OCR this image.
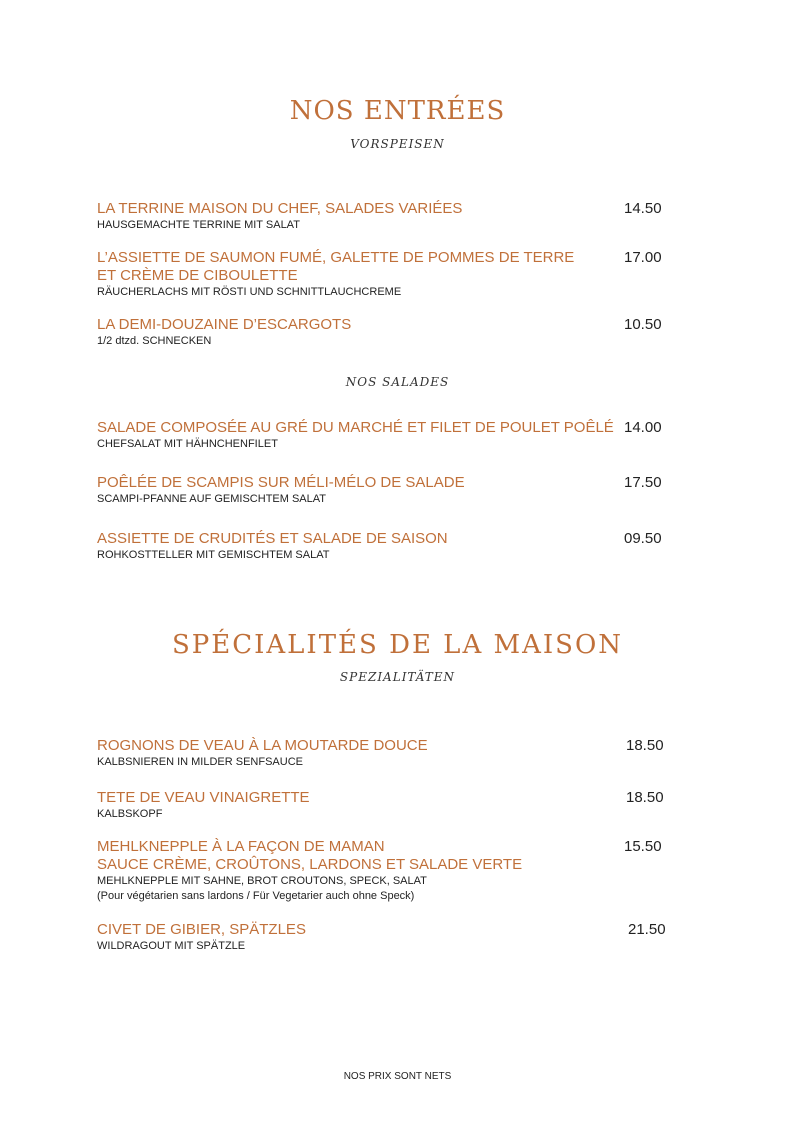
NOS ENTRÉES
VORSPEISEN

LA TERRINE MAISON DU CHEF, SALADES VARIÉES

HAUSGEMACHTE TERRINE MIT SALAT

14.50

L’ASSIETTE DE SAUMON FUMÉ, GALETTE DE POMMES DE TERRE

ET CRÈME DE CIBOULETTE

RÄUCHERLACHS MIT RÖSTI UND SCHNITTLAUCHCREME

17.00

LA DEMI-DOUZAINE D’ESCARGOTS

1/2 dtzd. SCHNECKEN

10.50
NOS SALADES

SALADE COMPOSÉE AU GRÉ DU MARCHÉ ET FILET DE POULET POÊLÉ

CHEFSALAT MIT HÄHNCHENFILET

14.00

POÊLÉE DE SCAMPIS SUR MÉLI-MÉLO DE SALADE

SCAMPI-PFANNE AUF GEMISCHTEM SALAT

17.50

ASSIETTE DE CRUDITÉS ET SALADE DE SAISON

ROHKOSTTELLER MIT GEMISCHTEM SALAT

09.50
SPÉCIALITÉS DE LA MAISON
SPEZIALITÄTEN

ROGNONS DE VEAU À LA MOUTARDE DOUCE

KALBSNIEREN IN MILDER SENFSAUCE

18.50

TETE DE VEAU VINAIGRETTE

KALBSKOPF

18.50

MEHLKNEPPLE À LA FAÇON DE MAMAN

SAUCE CRÈME, CROÛTONS, LARDONS ET SALADE VERTE

MEHLKNEPPLE MIT SAHNE, BROT CROUTONS, SPECK, SALAT

(Pour végétarien sans lardons / Für Vegetarier auch ohne Speck)

15.50

CIVET DE GIBIER, SPÄTZLES

WILDRAGOUT MIT SPÄTZLE

21.50
NOS PRIX SONT NETS
